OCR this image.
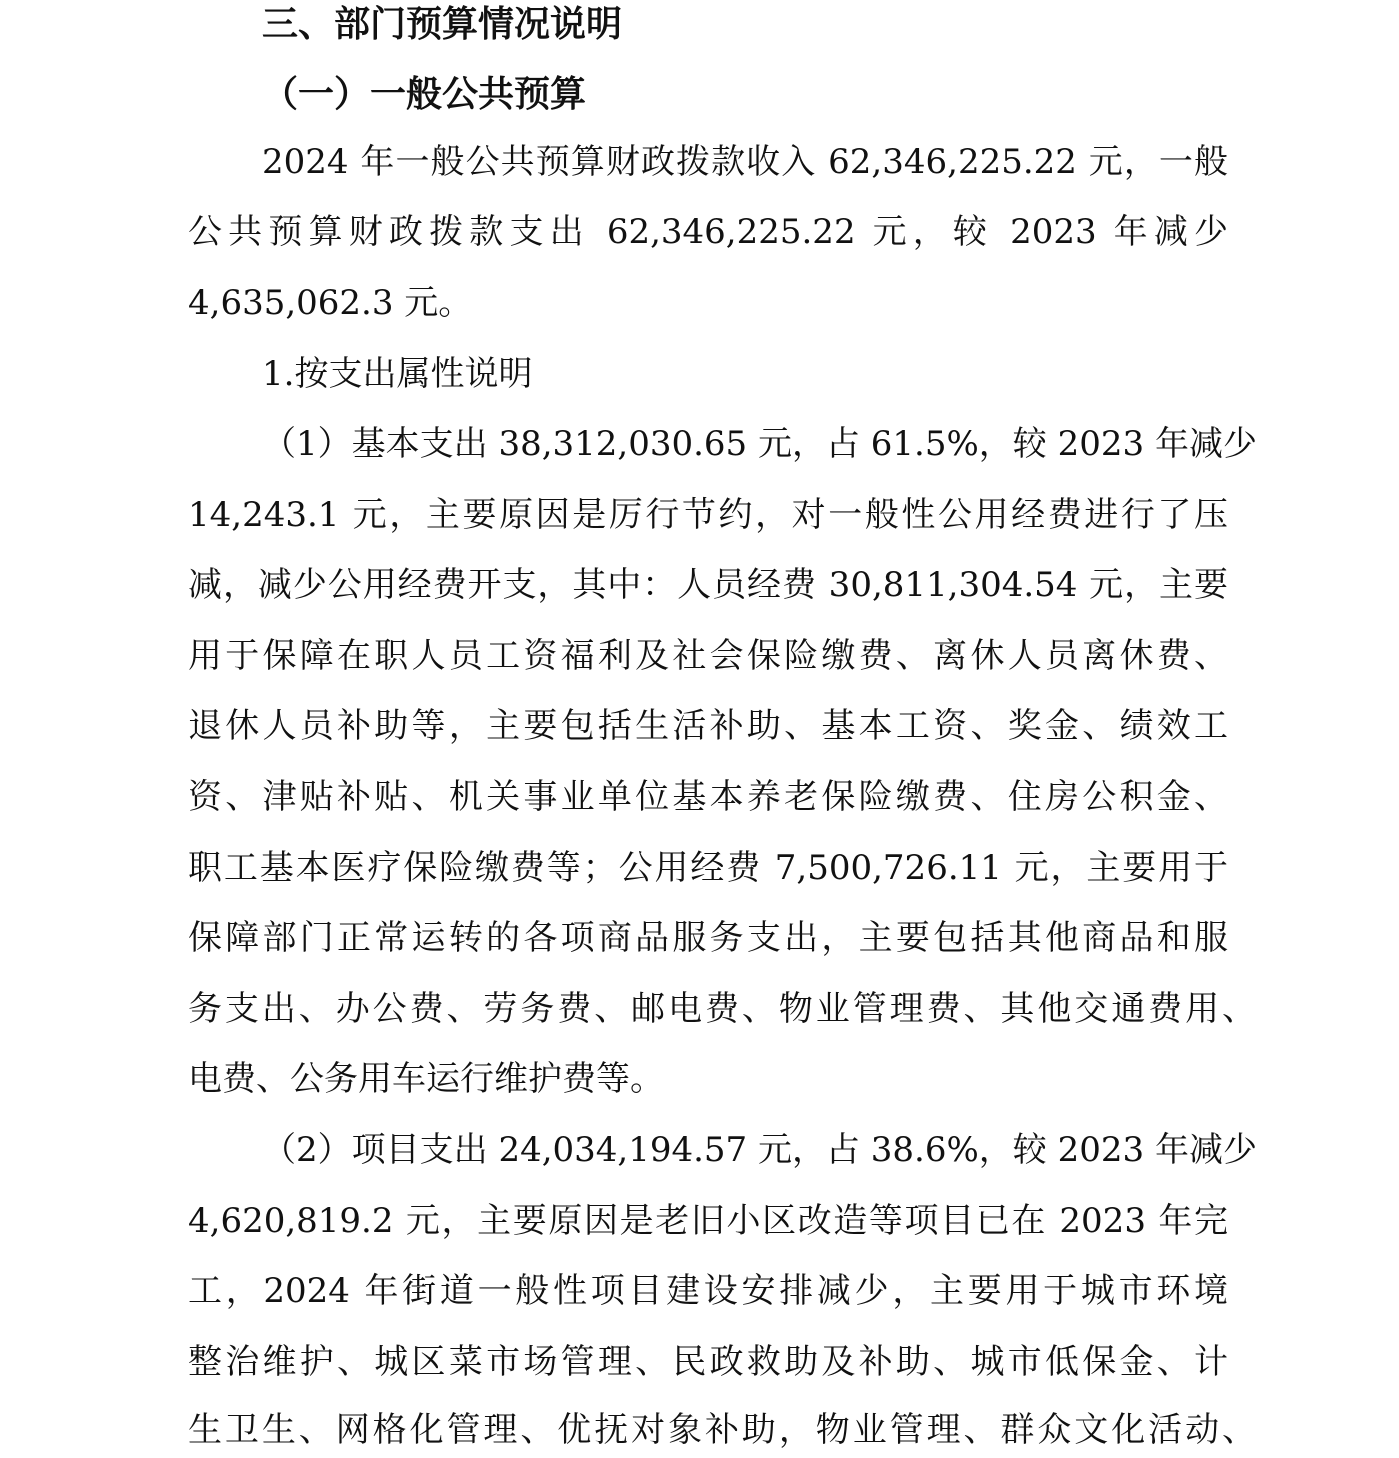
三、部门预算情况说明
（一）一般公共预算

2024 年一般公共预算财政拨款收入 62,346,225.22 元，一般

公共预算财政拨款支出 62,346,225.22 元，较 2023 年减少

4,635,062.3 元。

1.按支出属性说明

（1）基本支出 38,312,030.65 元，占 61.5%，较 2023 年减少

14,243.1 元，主要原因是厉行节约，对一般性公用经费进行了压

减，减少公用经费开支，其中：人员经费 30,811,304.54 元，主要

用于保障在职人员工资福利及社会保险缴费、离休人员离休费、

退休人员补助等，主要包括生活补助、基本工资、奖金、绩效工

资、津贴补贴、机关事业单位基本养老保险缴费、住房公积金、

职工基本医疗保险缴费等；公用经费 7,500,726.11 元，主要用于

保障部门正常运转的各项商品服务支出，主要包括其他商品和服

务支出、办公费、劳务费、邮电费、物业管理费、其他交通费用、

电费、公务用车运行维护费等。

（2）项目支出 24,034,194.57 元，占 38.6%，较 2023 年减少

4,620,819.2 元，主要原因是老旧小区改造等项目已在 2023 年完

工，2024 年街道一般性项目建设安排减少，主要用于城市环境

整治维护、城区菜市场管理、民政救助及补助、城市低保金、计

生卫生、网格化管理、优抚对象补助，物业管理、群众文化活动、
